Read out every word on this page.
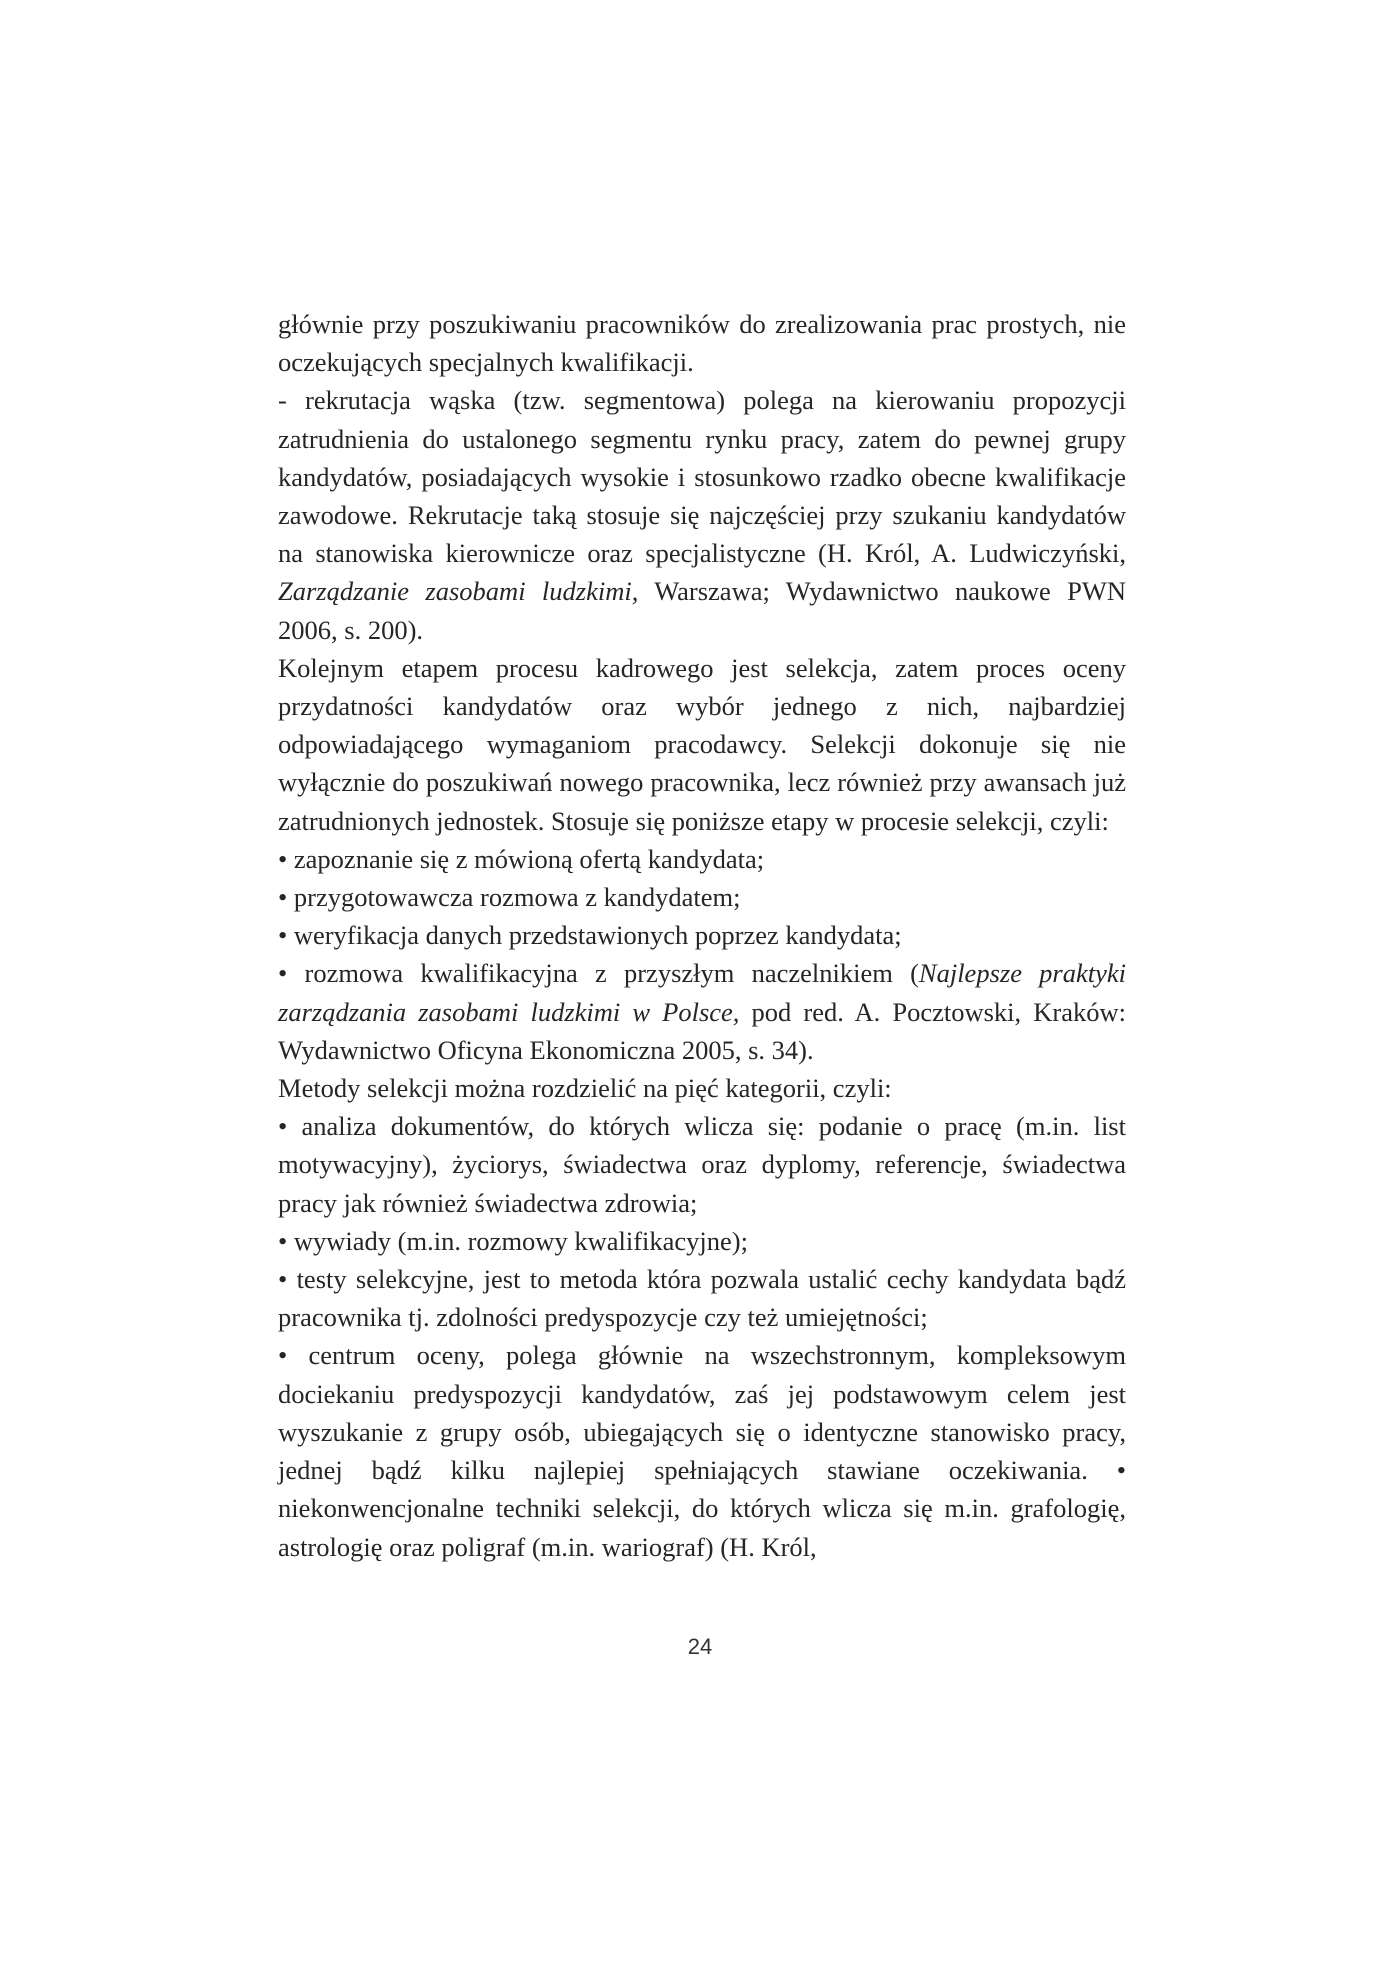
głównie przy poszukiwaniu pracowników do zrealizowania prac prostych, nie oczekujących specjalnych kwalifikacji.

- rekrutacja wąska (tzw. segmentowa) polega na kierowaniu propozycji zatrudnienia do ustalonego segmentu rynku pracy, zatem do pewnej grupy kandydatów, posiadających wysokie i stosunkowo rzadko obecne kwalifikacje zawodowe. Rekrutacje taką stosuje się najczęściej przy szukaniu kandydatów na stanowiska kierownicze oraz specjalistyczne (H. Król, A. Ludwiczyński, Zarządzanie zasobami ludzkimi, Warszawa; Wydawnictwo naukowe PWN 2006, s. 200).

Kolejnym etapem procesu kadrowego jest selekcja, zatem proces oceny przydatności kandydatów oraz wybór jednego z nich, najbardziej odpowiadającego wymaganiom pracodawcy. Selekcji dokonuje się nie wyłącznie do poszukiwań nowego pracownika, lecz również przy awansach już zatrudnionych jednostek. Stosuje się poniższe etapy w procesie selekcji, czyli:

• zapoznanie się z mówioną ofertą kandydata;

• przygotowawcza rozmowa z kandydatem;

• weryfikacja danych przedstawionych poprzez kandydata;

• rozmowa kwalifikacyjna z przyszłym naczelnikiem (Najlepsze praktyki zarządzania zasobami ludzkimi w Polsce, pod red. A. Pocztowski, Kraków: Wydawnictwo Oficyna Ekonomiczna 2005, s. 34).

Metody selekcji można rozdzielić na pięć kategorii, czyli:

• analiza dokumentów, do których wlicza się: podanie o pracę (m.in. list motywacyjny), życiorys, świadectwa oraz dyplomy, referencje, świadectwa pracy jak również świadectwa zdrowia;

• wywiady (m.in. rozmowy kwalifikacyjne);

• testy selekcyjne, jest to metoda która pozwala ustalić cechy kandydata bądź pracownika tj. zdolności predyspozycje czy też umiejętności;

• centrum oceny, polega głównie na wszechstronnym, kompleksowym dociekaniu predyspozycji kandydatów, zaś jej podstawowym celem jest wyszukanie z grupy osób, ubiegających się o identyczne stanowisko pracy, jednej bądź kilku najlepiej spełniających stawiane oczekiwania. • niekonwencjonalne techniki selekcji, do których wlicza się m.in. grafologię, astrologię oraz poligraf (m.in. wariograf) (H. Król,

24
